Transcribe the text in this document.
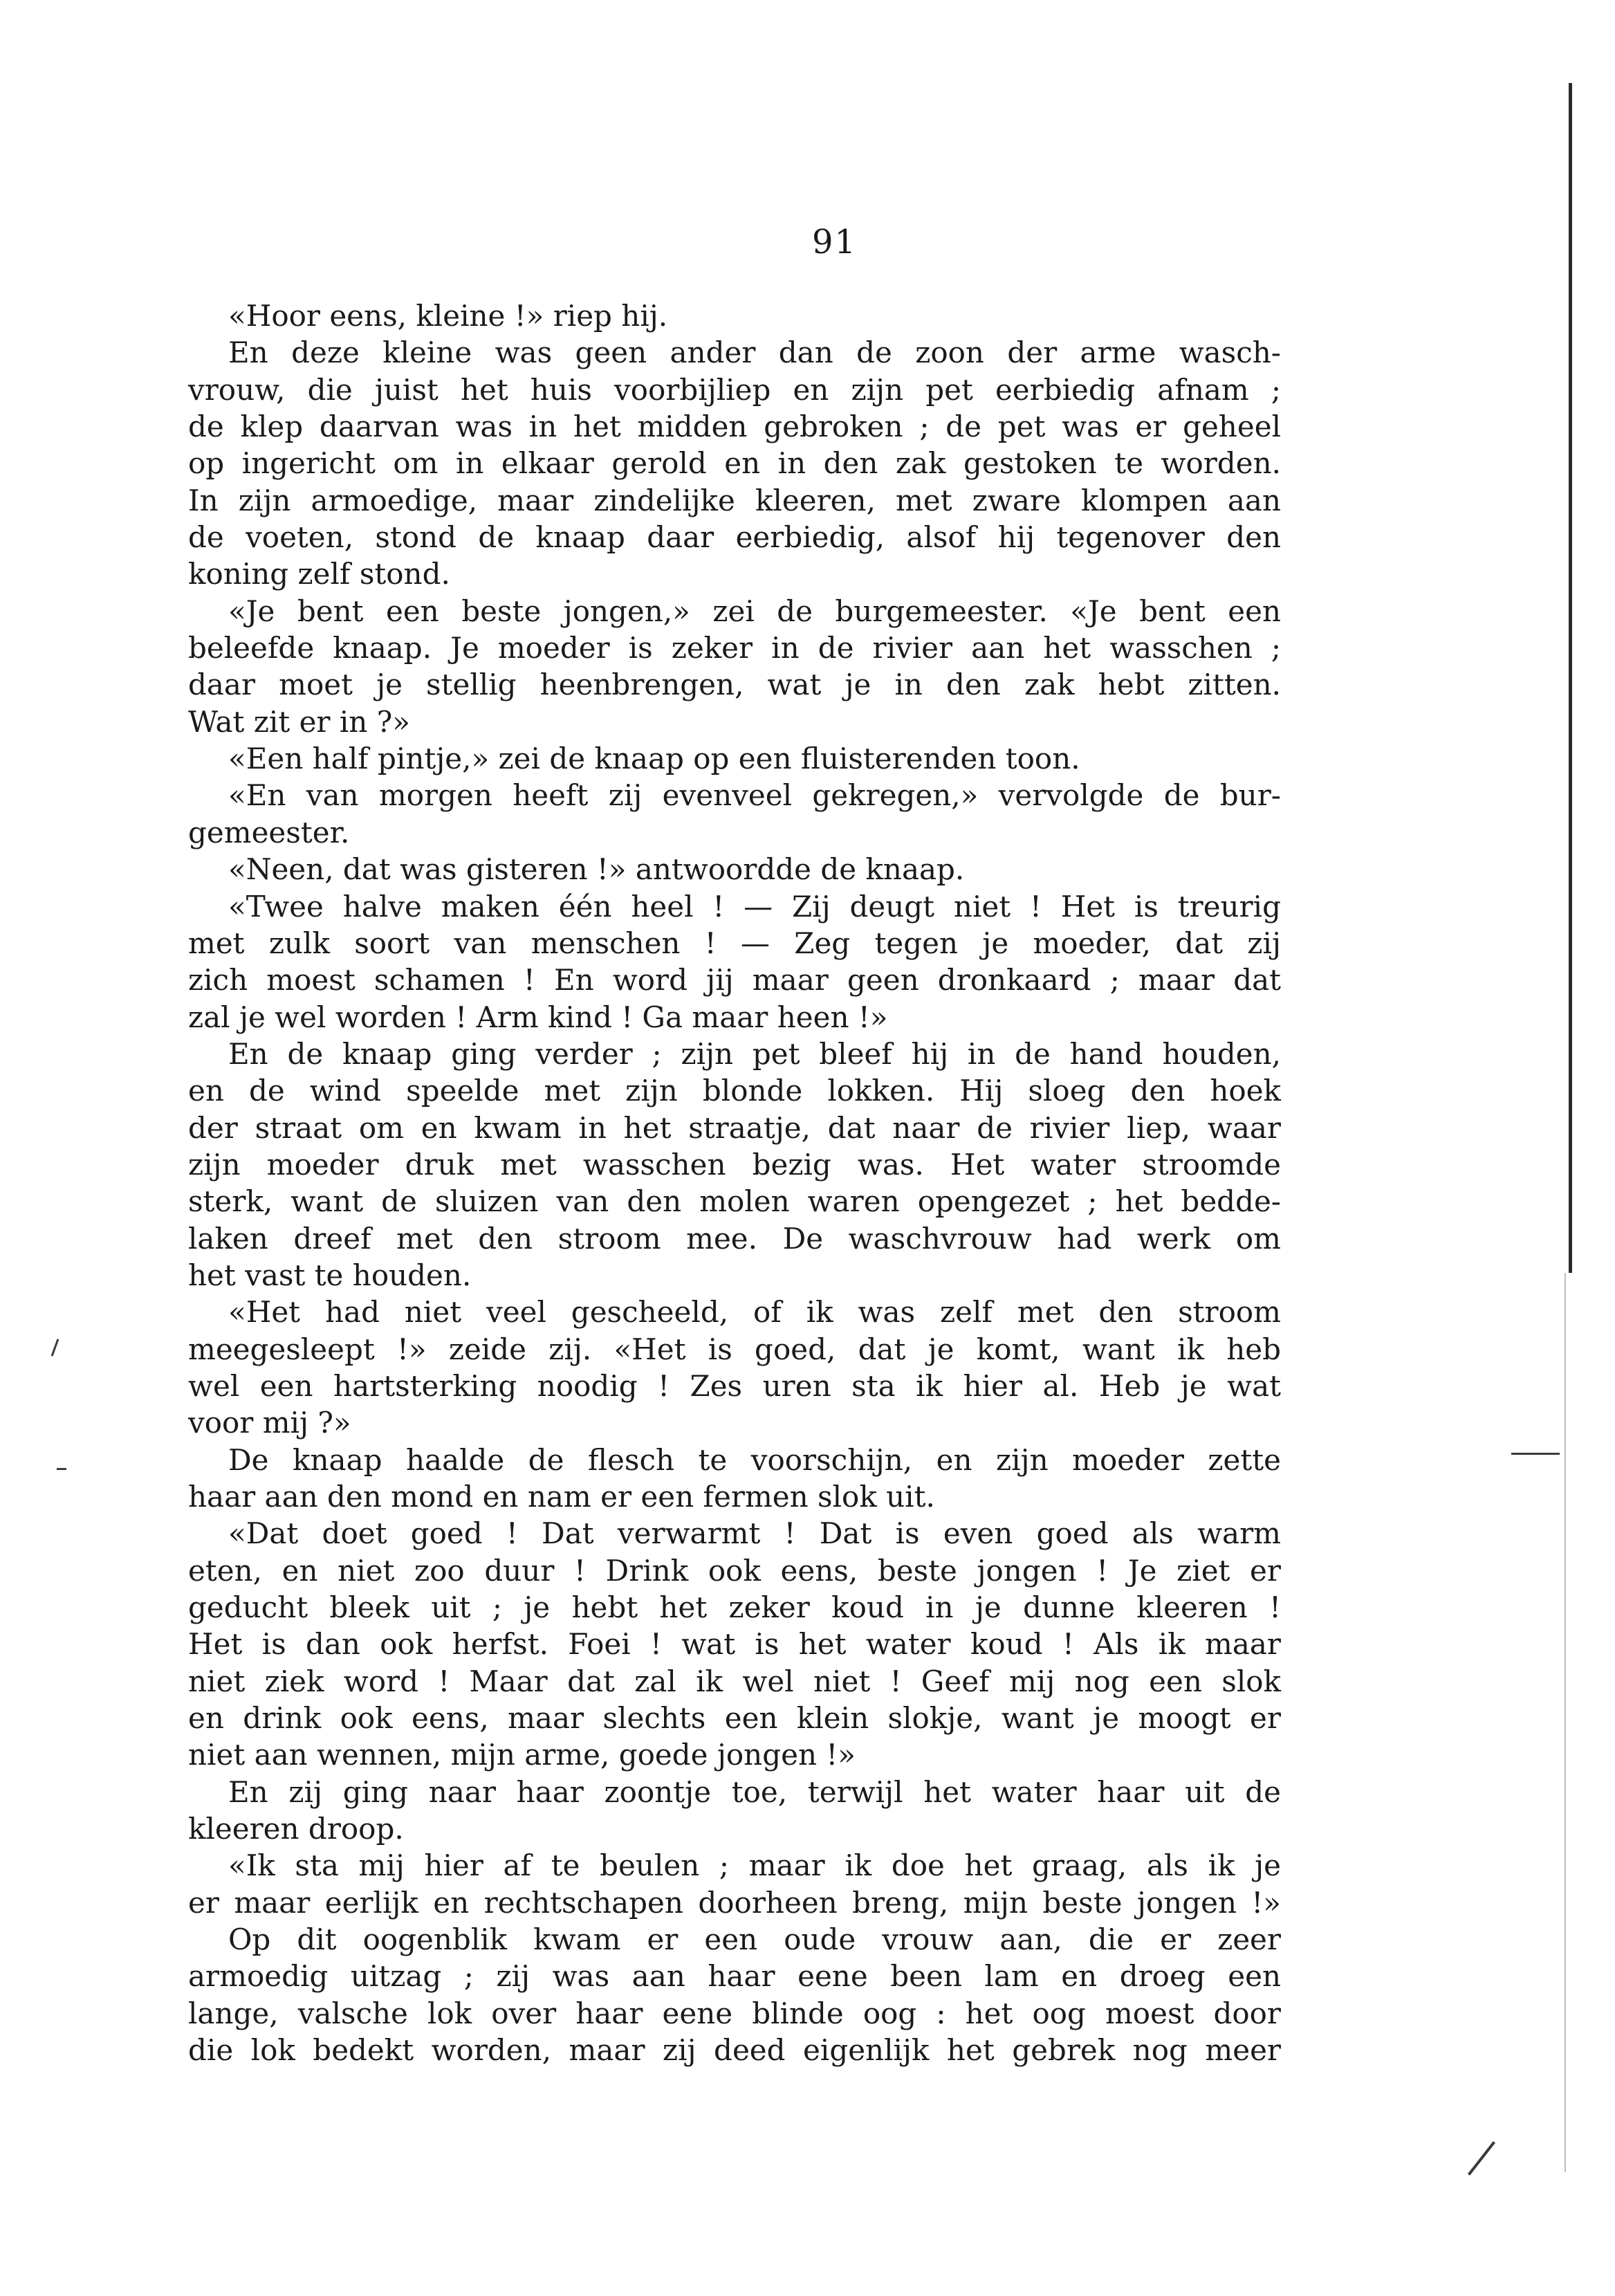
91
«Hoor eens, kleine !» riep hij.
En deze kleine was geen ander dan de zoon der arme wasch-
vrouw, die juist het huis voorbijliep en zijn pet eerbiedig afnam ;
de klep daarvan was in het midden gebroken ; de pet was er geheel
op ingericht om in elkaar gerold en in den zak gestoken te worden.
In zijn armoedige, maar zindelijke kleeren, met zware klompen aan
de voeten, stond de knaap daar eerbiedig, alsof hij tegenover den
koning zelf stond.
«Je bent een beste jongen,» zei de burgemeester. «Je bent een
beleefde knaap. Je moeder is zeker in de rivier aan het wasschen ;
daar moet je stellig heenbrengen, wat je in den zak hebt zitten.
Wat zit er in ?»
«Een half pintje,» zei de knaap op een fluisterenden toon.
«En van morgen heeft zij evenveel gekregen,» vervolgde de bur-
gemeester.
«Neen, dat was gisteren !» antwoordde de knaap.
«Twee halve maken één heel ! — Zij deugt niet ! Het is treurig
met zulk soort van menschen ! — Zeg tegen je moeder, dat zij
zich moest schamen ! En word jij maar geen dronkaard ; maar dat
zal je wel worden ! Arm kind ! Ga maar heen !»
En de knaap ging verder ; zijn pet bleef hij in de hand houden,
en de wind speelde met zijn blonde lokken. Hij sloeg den hoek
der straat om en kwam in het straatje, dat naar de rivier liep, waar
zijn moeder druk met wasschen bezig was. Het water stroomde
sterk, want de sluizen van den molen waren opengezet ; het bedde-
laken dreef met den stroom mee. De waschvrouw had werk om
het vast te houden.
«Het had niet veel gescheeld, of ik was zelf met den stroom
meegesleept !» zeide zij. «Het is goed, dat je komt, want ik heb
wel een hartsterking noodig ! Zes uren sta ik hier al. Heb je wat
voor mij ?»
De knaap haalde de flesch te voorschijn, en zijn moeder zette
haar aan den mond en nam er een fermen slok uit.
«Dat doet goed ! Dat verwarmt ! Dat is even goed als warm
eten, en niet zoo duur ! Drink ook eens, beste jongen ! Je ziet er
geducht bleek uit ; je hebt het zeker koud in je dunne kleeren !
Het is dan ook herfst. Foei ! wat is het water koud ! Als ik maar
niet ziek word ! Maar dat zal ik wel niet ! Geef mij nog een slok
en drink ook eens, maar slechts een klein slokje, want je moogt er
niet aan wennen, mijn arme, goede jongen !»
En zij ging naar haar zoontje toe, terwijl het water haar uit de
kleeren droop.
«Ik sta mij hier af te beulen ; maar ik doe het graag, als ik je
er maar eerlijk en rechtschapen doorheen breng, mijn beste jongen !»
Op dit oogenblik kwam er een oude vrouw aan, die er zeer
armoedig uitzag ; zij was aan haar eene been lam en droeg een
lange, valsche lok over haar eene blinde oog : het oog moest door
die lok bedekt worden, maar zij deed eigenlijk het gebrek nog meer
